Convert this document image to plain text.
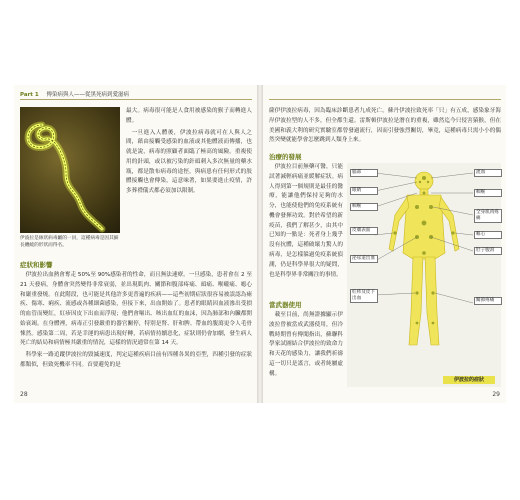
Part 1 傳染病與人——從黑死病到愛滋病
伊波拉是絲狀病毒屬的一員，這種病毒是因其細長纏繞的形狀而得名。

最大。病毒很可能是人食用被感染的猴子而轉進人體。

一旦進入人體後，伊波拉病毒就可在人與人之間，藉由接觸受感染的血液或其他體液而傳播，也就是說，病毒的照顧者面臨了極高的風險。重複使用的針頭，或以被污染的針頭刺入多次無量的藥水瓶，都是散布病毒的途徑。與病患有任何形式的肢體接觸也會傳染，這意味著，如果要進止疫情，許多葬禮儀式都必須加以限制。

症狀和影響

伊波拉出血熱會奪走 50%至 90%感染者的性命，而且無法速療。一旦感染，患者會在 2 至 21 天發病，身體會突然變得非常衰弱，並出現肌肉、關節和腹部疼痛、頭痛、喉嚨痛、噁心和嚴重發燒。在此階段，也可能是其他許多更普遍的疾病——這些初期症狀很容易被誤認為瘧疾、傷寒、痢疾、流感或各種細菌感染，但接下來，出血開始了。患者的眼睛因血液滲出受損的血管而變紅，紅疹因皮下出血而浮現；他們會嘔出、咳出血紅的血沫，因為肺部和內臟都開始衰竭。在身體裡，病毒正引發嚴重的器官關停，特別是腎、肝和脾。帶血的腹瀉更令人毛骨悚然。感染第二周，若是幸運的病患出現好轉，若病情持續惡化，症狀則仍會加劇，發生病人死亡的結局和病情極其嚴重的情況，這樣的情況通常在第 14 天。

科學家一路追蹤伊波拉的毀滅速度，判定這種疾病目前有四種各異的亞型，四種引發的症狀都類似，但致死機率不同。首要避免的是

28

薩伊伊波拉病毒，因為臨床診斷患者九成死亡。蘇丹伊波拉致死率「只」有五成，感染象牙海岸伊波拉型的人不多，但全都生還。雷斯頓伊波拉是潛在的重複，雖然迄今只侵害猿猴，但在美國和義大利的研究實驗室都曾發過流行，因而引發強烈關切，畢竟，這種病毒只需小小的偶然突變就能學會怎麼跳到人類身上來。

治療的發展

伊波拉目前無藥可醫，只能試著減輕病痛並緩解症狀。病人得到第一個規則是最佳的醫療，能讓他們保持足夠的水分，也能使他們的免疫系統有機會發揮功效。對於希望的新疫苗，我們了解甚少，由其中已知的一點是：死者身上幾乎沒有抗體，這種破壞力驚人的病毒，是怎樣躲過免疫系統偵測，仍是科學界很大的疑問，也是科學界非常關注的事情。

當武器使用

載至目前，尚無證據顯示伊波拉曾被當成武器使用，但冷戰時期曾有傳聞指出，蘇聯科學家試圖結合伊波拉的致命力和天花的感染力，讓我們祈禱這一切只是謠言，或者純屬虛構。

腦部
眼睛
咽喉
皮膚表面
泌尿道出血
紅疹及皮下出血
流血
咽喉
全身肌肉疼痛
嘔心
肚子腹瀉
關節疼痛
伊波拉的症狀
29
